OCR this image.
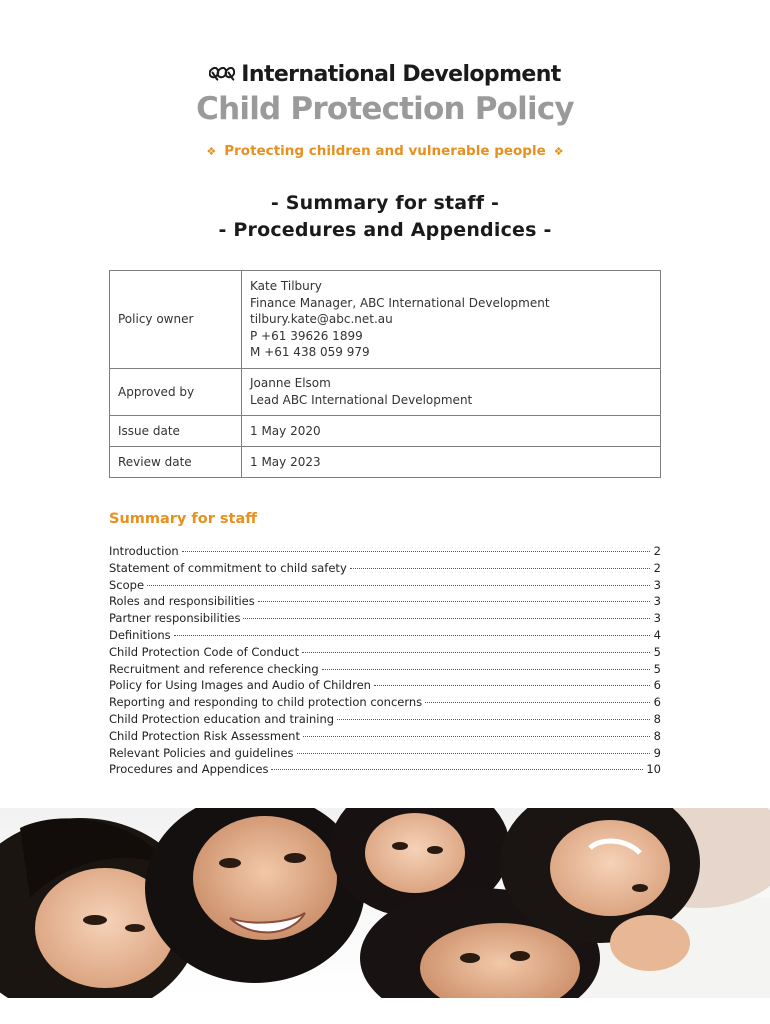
International Development
Child Protection Policy
❖ Protecting children and vulnerable people ❖
- Summary for staff -
- Procedures and Appendices -
Policy owner	Kate Tilbury
Finance Manager, ABC International Development
tilbury.kate@abc.net.au
P +61 39626 1899
M +61 438 059 979

Approved by	Joanne Elsom
Lead ABC International Development

Issue date	1 May 2020
Review date	1 May 2023
Summary for staff
Introduction	2
Statement of commitment to child safety	2
Scope	3
Roles and responsibilities	3
Partner responsibilities	3
Definitions	4
Child Protection Code of Conduct	5
Recruitment and reference checking	5
Policy for Using Images and Audio of Children	6
Reporting and responding to child protection concerns	6
Child Protection education and training	8
Child Protection Risk Assessment	8
Relevant Policies and guidelines	9
Procedures and Appendices	10
